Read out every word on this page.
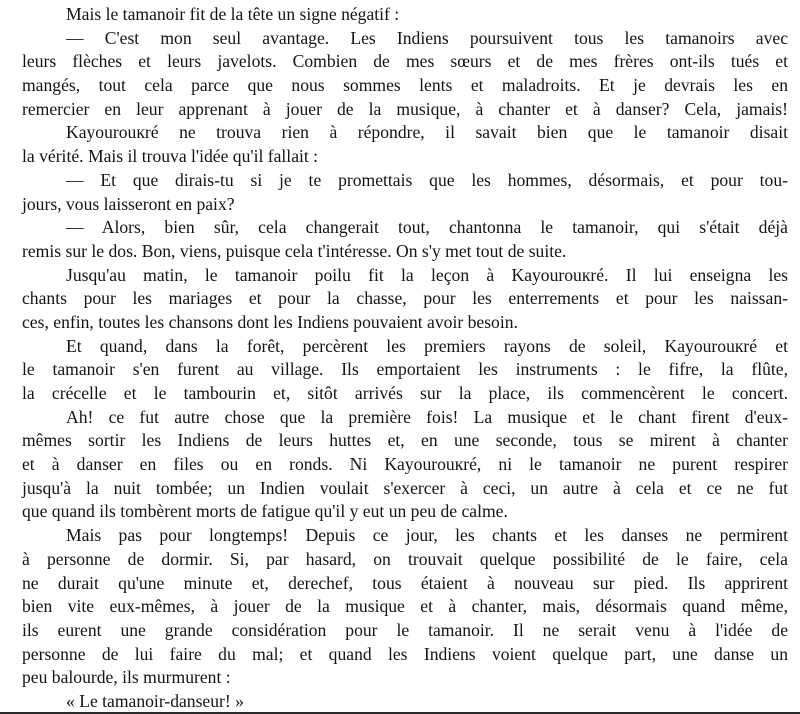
Mais le tamanoir fit de la tête un signe négatif :
— C'est mon seul avantage. Les Indiens poursuivent tous les tamanoirs avec
leurs flèches et leurs javelots. Combien de mes sœurs et de mes frères ont-ils tués et
mangés, tout cela parce que nous sommes lents et maladroits. Et je devrais les en
remercier en leur apprenant à jouer de la musique, à chanter et à danser? Cela, jamais!
Kayourouкré ne trouva rien à répondre, il savait bien que le tamanoir disait
la vérité. Mais il trouva l'idée qu'il fallait :
— Et que dirais-tu si je te promettais que les hommes, désormais, et pour tou-
jours, vous laisseront en paix?
— Alors, bien sûr, cela changerait tout, chantonna le tamanoir, qui s'était déjà
remis sur le dos. Bon, viens, puisque cela t'intéresse. On s'y met tout de suite.
Jusqu'au matin, le tamanoir poilu fit la leçon à Kayourouкré. Il lui enseigna les
chants pour les mariages et pour la chasse, pour les enterrements et pour les naissan-
ces, enfin, toutes les chansons dont les Indiens pouvaient avoir besoin.
Et quand, dans la forêt, percèrent les premiers rayons de soleil, Kayourouкré et
le tamanoir s'en furent au village. Ils emportaient les instruments : le fifre, la flûte,
la crécelle et le tambourin et, sitôt arrivés sur la place, ils commencèrent le concert.
Ah! ce fut autre chose que la première fois! La musique et le chant firent d'eux-
mêmes sortir les Indiens de leurs huttes et, en une seconde, tous se mirent à chanter
et à danser en files ou en ronds. Ni Kayourouкré, ni le tamanoir ne purent respirer
jusqu'à la nuit tombée; un Indien voulait s'exercer à ceci, un autre à cela et ce ne fut
que quand ils tombèrent morts de fatigue qu'il y eut un peu de calme.
Mais pas pour longtemps! Depuis ce jour, les chants et les danses ne permirent
à personne de dormir. Si, par hasard, on trouvait quelque possibilité de le faire, cela
ne durait qu'une minute et, derechef, tous étaient à nouveau sur pied. Ils apprirent
bien vite eux-mêmes, à jouer de la musique et à chanter, mais, désormais quand même,
ils eurent une grande considération pour le tamanoir. Il ne serait venu à l'idée de
personne de lui faire du mal; et quand les Indiens voient quelque part, une danse un
peu balourde, ils murmurent :
« Le tamanoir-danseur! »
